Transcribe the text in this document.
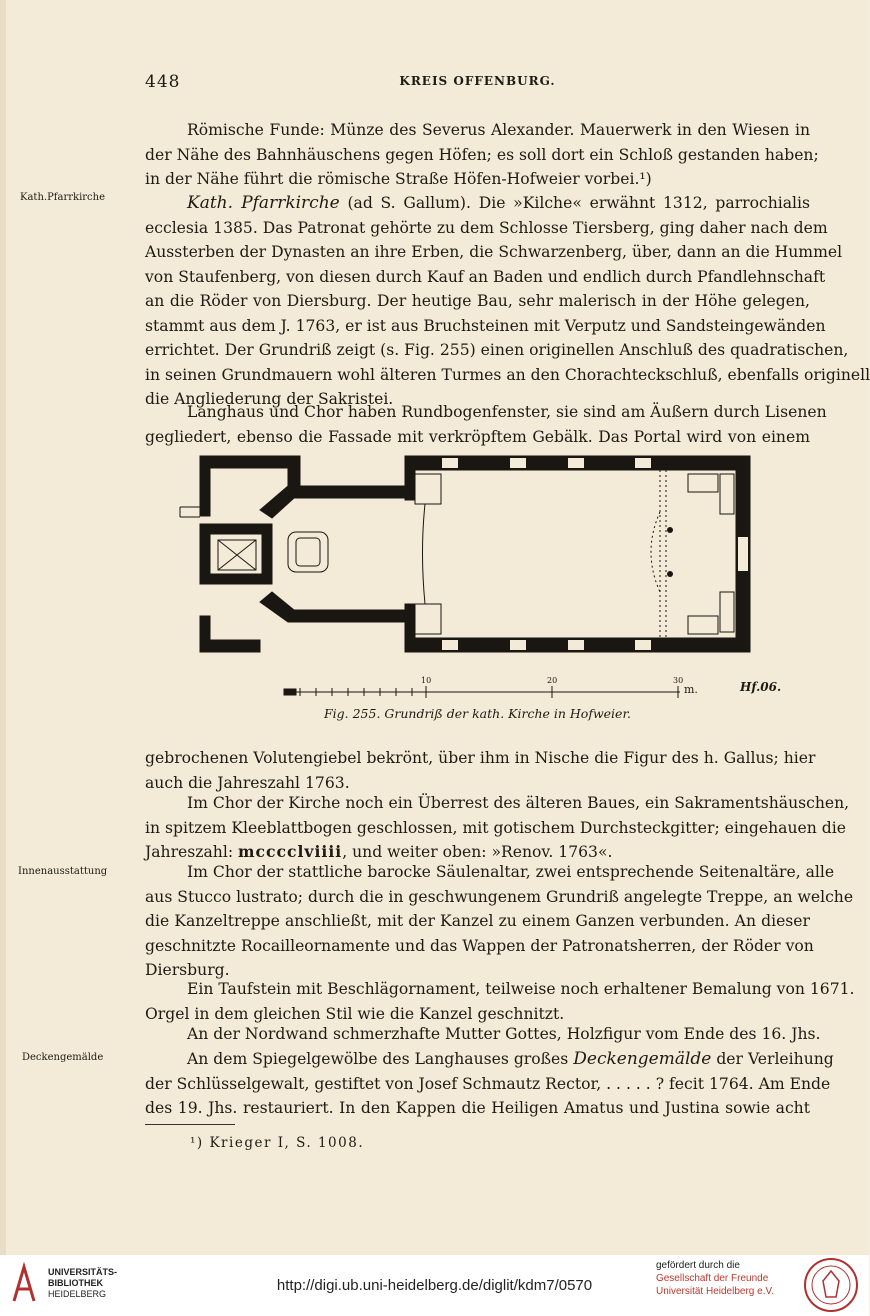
448	KREIS OFFENBURG.
Kath.Pfarrkirche
Innenausstattung
Deckengemälde
Römische Funde: Münze des Severus Alexander. Mauerwerk in den Wiesen in
der Nähe des Bahnhäuschens gegen Höfen; es soll dort ein Schloß gestanden haben;
in der Nähe führt die römische Straße Höfen-Hofweier vorbei.¹)
Kath. Pfarrkirche (ad S. Gallum). Die »Kilche« erwähnt 1312, parrochialis
ecclesia 1385. Das Patronat gehörte zu dem Schlosse Tiersberg, ging daher nach dem
Aussterben der Dynasten an ihre Erben, die Schwarzenberg, über, dann an die Hummel
von Staufenberg, von diesen durch Kauf an Baden und endlich durch Pfandlehnschaft
an die Röder von Diersburg. Der heutige Bau, sehr malerisch in der Höhe gelegen,
stammt aus dem J. 1763, er ist aus Bruchsteinen mit Verputz und Sandsteingewänden
errichtet. Der Grundriß zeigt (s. Fig. 255) einen originellen Anschluß des quadratischen,
in seinen Grundmauern wohl älteren Turmes an den Chorachteckschluß, ebenfalls originell
die Angliederung der Sakristei.
Langhaus und Chor haben Rundbogenfenster, sie sind am Äußern durch Lisenen
gegliedert, ebenso die Fassade mit verkröpftem Gebälk. Das Portal wird von einem
10	20	30
m.	Hf.06.
Fig. 255. Grundriß der kath. Kirche in Hofweier.
gebrochenen Volutengiebel bekrönt, über ihm in Nische die Figur des h. Gallus; hier
auch die Jahreszahl 1763.
Im Chor der Kirche noch ein Überrest des älteren Baues, ein Sakramentshäuschen,
in spitzem Kleeblattbogen geschlossen, mit gotischem Durchsteckgitter; eingehauen die
Jahreszahl: mcccclviiii, und weiter oben: »Renov. 1763«.
Im Chor der stattliche barocke Säulenaltar, zwei entsprechende Seitenaltäre, alle
aus Stucco lustrato; durch die in geschwungenem Grundriß angelegte Treppe, an welche
die Kanzeltreppe anschließt, mit der Kanzel zu einem Ganzen verbunden. An dieser
geschnitzte Rocailleornamente und das Wappen der Patronatsherren, der Röder von
Diersburg.
Ein Taufstein mit Beschlägornament, teilweise noch erhaltener Bemalung von 1671.
Orgel in dem gleichen Stil wie die Kanzel geschnitzt.
An der Nordwand schmerzhafte Mutter Gottes, Holzfigur vom Ende des 16. Jhs.
An dem Spiegelgewölbe des Langhauses großes Deckengemälde der Verleihung
der Schlüsselgewalt, gestiftet von Josef Schmautz Rector, . . . . . ? fecit 1764. Am Ende
des 19. Jhs. restauriert. In den Kappen die Heiligen Amatus und Justina sowie acht
¹) Krieger I, S. 1008.
UNIVERSITÄTS-
BIBLIOTHEK
HEIDELBERG	http://digi.ub.uni-heidelberg.de/diglit/kdm7/0570
gefördert durch die
Gesellschaft der Freunde
Universität Heidelberg e.V.
